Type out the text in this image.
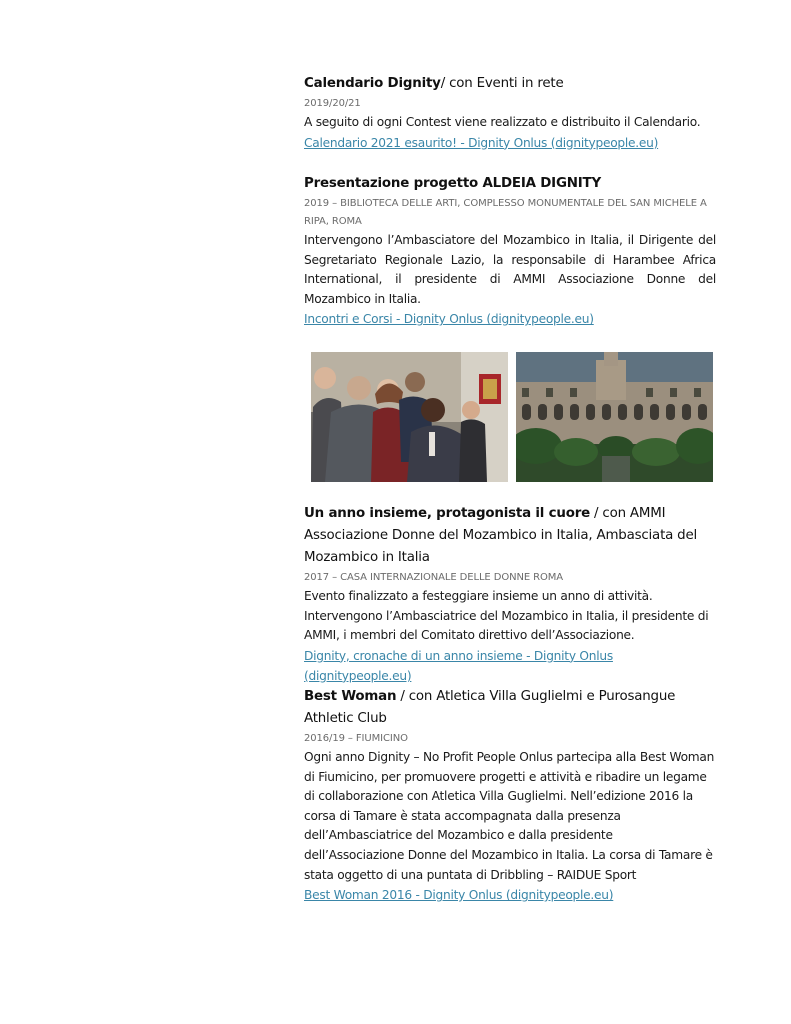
Calendario Dignity/ con Eventi in rete
2019/20/21
A seguito di ogni Contest viene realizzato e distribuito il Calendario.
Calendario 2021 esaurito! - Dignity Onlus (dignitypeople.eu)
Presentazione progetto ALDEIA DIGNITY
2019 – BIBLIOTECA DELLE ARTI, COMPLESSO MONUMENTALE DEL SAN MICHELE A RIPA, ROMA
Intervengono l’Ambasciatore del Mozambico in Italia, il Dirigente del Segretariato Regionale Lazio, la responsabile di Harambee Africa International, il presidente di AMMI Associazione Donne del Mozambico in Italia.
Incontri e Corsi - Dignity Onlus (dignitypeople.eu)
Un anno insieme, protagonista il cuore / con AMMI Associazione Donne del Mozambico in Italia, Ambasciata del Mozambico in Italia
2017 – CASA INTERNAZIONALE DELLE DONNE ROMA
Evento finalizzato a festeggiare insieme un anno di attività. Intervengono l’Ambasciatrice del Mozambico in Italia, il presidente di AMMI, i membri del Comitato direttivo dell’Associazione.
Dignity, cronache di un anno insieme - Dignity Onlus (dignitypeople.eu)
Best Woman / con Atletica Villa Guglielmi e Purosangue Athletic Club
2016/19 – FIUMICINO
Ogni anno Dignity – No Profit People Onlus partecipa alla Best Woman di Fiumicino, per promuovere progetti e attività e ribadire un legame di collaborazione con Atletica Villa Guglielmi. Nell’edizione 2016 la corsa di Tamare è stata accompagnata dalla presenza dell’Ambasciatrice del Mozambico e dalla presidente dell’Associazione Donne del Mozambico in Italia. La corsa di Tamare è stata oggetto di una puntata di Dribbling – RAIDUE Sport
Best Woman 2016 - Dignity Onlus (dignitypeople.eu)
